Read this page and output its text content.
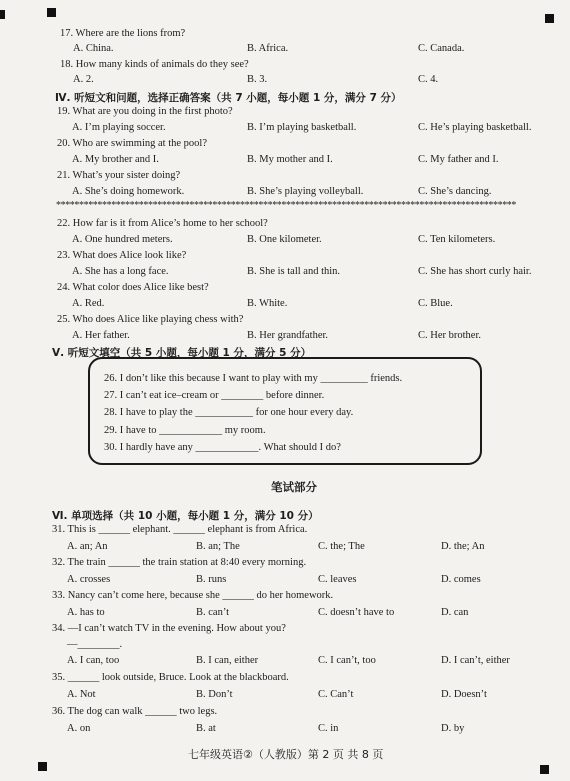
17. Where are the lions from?
A. China.	B. Africa.	C. Canada.
18. How many kinds of animals do they see?
A. 2.	B. 3.	C. 4.
Ⅳ. 听短文和问题，选择正确答案（共 7 小题，每小题 1 分，满分 7 分）
19. What are you doing in the first photo?
A. I’m playing soccer.	B. I’m playing basketball.	C. He’s playing basketball.
20. Who are swimming at the pool?
A. My brother and I.	B. My mother and I.	C. My father and I.
21. What’s your sister doing?
A. She’s doing homework.	B. She’s playing volleyball.	C. She’s dancing.
****************************************************************************************************
22. How far is it from Alice’s home to her school?
A. One hundred meters.	B. One kilometer.	C. Ten kilometers.
23. What does Alice look like?
A. She has a long face.	B. She is tall and thin.	C. She has short curly hair.
24. What color does Alice like best?
A. Red.	B. White.	C. Blue.
25. Who does Alice like playing chess with?
A. Her father.	B. Her grandfather.	C. Her brother.
Ⅴ. 听短文填空（共 5 小题，每小题 1 分，满分 5 分）
26. I don’t like this because I want to play with my _________ friends.
27. I can’t eat ice–cream or ________ before dinner.
28. I have to play the ___________ for one hour every day.
29. I have to ____________ my room.
30. I hardly have any ____________. What should I do?
笔试部分
Ⅵ. 单项选择（共 10 小题，每小题 1 分，满分 10 分）
31. This is ______ elephant. ______ elephant is from Africa.
A. an; An	B. an; The	C. the; The	D. the; An
32. The train ______ the train station at 8:40 every morning.
A. crosses	B. runs	C. leaves	D. comes
33. Nancy can’t come here, because she ______ do her homework.
A. has to	B. can’t	C. doesn’t have to	D. can
34. —I can’t watch TV in the evening. How about you?
—________.
A. I can, too	B. I can, either	C. I can’t, too	D. I can’t, either
35. ______ look outside, Bruce. Look at the blackboard.
A. Not	B. Don’t	C. Can’t	D. Doesn’t
36. The dog can walk ______ two legs.
A. on	B. at	C. in	D. by
七年级英语②（人教版）第 2 页 共 8 页
